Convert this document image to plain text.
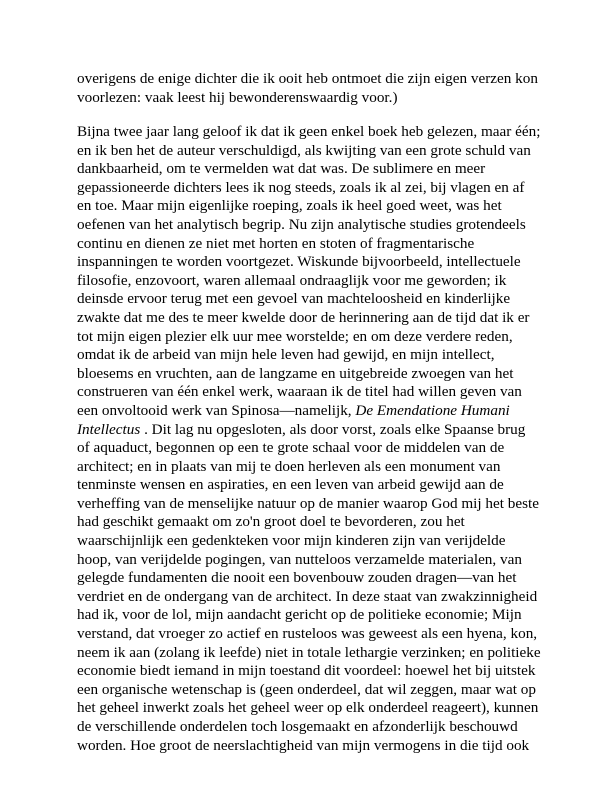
overigens de enige dichter die ik ooit heb ontmoet die zijn eigen verzen kon
voorlezen: vaak leest hij bewonderenswaardig voor.)

Bijna twee jaar lang geloof ik dat ik geen enkel boek heb gelezen, maar één;
en ik ben het de auteur verschuldigd, als kwijting van een grote schuld van
dankbaarheid, om te vermelden wat dat was. De sublimere en meer
gepassioneerde dichters lees ik nog steeds, zoals ik al zei, bij vlagen en af
en toe. Maar mijn eigenlijke roeping, zoals ik heel goed weet, was het
oefenen van het analytisch begrip. Nu zijn analytische studies grotendeels
continu en dienen ze niet met horten en stoten of fragmentarische
inspanningen te worden voortgezet. Wiskunde bijvoorbeeld, intellectuele
filosofie, enzovoort, waren allemaal ondraaglijk voor me geworden; ik
deinsde ervoor terug met een gevoel van machteloosheid en kinderlijke
zwakte dat me des te meer kwelde door de herinnering aan de tijd dat ik er
tot mijn eigen plezier elk uur mee worstelde; en om deze verdere reden,
omdat ik de arbeid van mijn hele leven had gewijd, en mijn intellect,
bloesems en vruchten, aan de langzame en uitgebreide zwoegen van het
construeren van één enkel werk, waaraan ik de titel had willen geven van
een onvoltooid werk van Spinosa—namelijk, De Emendatione Humani
Intellectus . Dit lag nu opgesloten, als door vorst, zoals elke Spaanse brug
of aquaduct, begonnen op een te grote schaal voor de middelen van de
architect; en in plaats van mij te doen herleven als een monument van
tenminste wensen en aspiraties, en een leven van arbeid gewijd aan de
verheffing van de menselijke natuur op de manier waarop God mij het beste
had geschikt gemaakt om zo'n groot doel te bevorderen, zou het
waarschijnlijk een gedenkteken voor mijn kinderen zijn van verijdelde
hoop, van verijdelde pogingen, van nutteloos verzamelde materialen, van
gelegde fundamenten die nooit een bovenbouw zouden dragen—van het
verdriet en de ondergang van de architect. In deze staat van zwakzinnigheid
had ik, voor de lol, mijn aandacht gericht op de politieke economie; Mijn
verstand, dat vroeger zo actief en rusteloos was geweest als een hyena, kon,
neem ik aan (zolang ik leefde) niet in totale lethargie verzinken; en politieke
economie biedt iemand in mijn toestand dit voordeel: hoewel het bij uitstek
een organische wetenschap is (geen onderdeel, dat wil zeggen, maar wat op
het geheel inwerkt zoals het geheel weer op elk onderdeel reageert), kunnen
de verschillende onderdelen toch losgemaakt en afzonderlijk beschouwd
worden. Hoe groot de neerslachtigheid van mijn vermogens in die tijd ook
